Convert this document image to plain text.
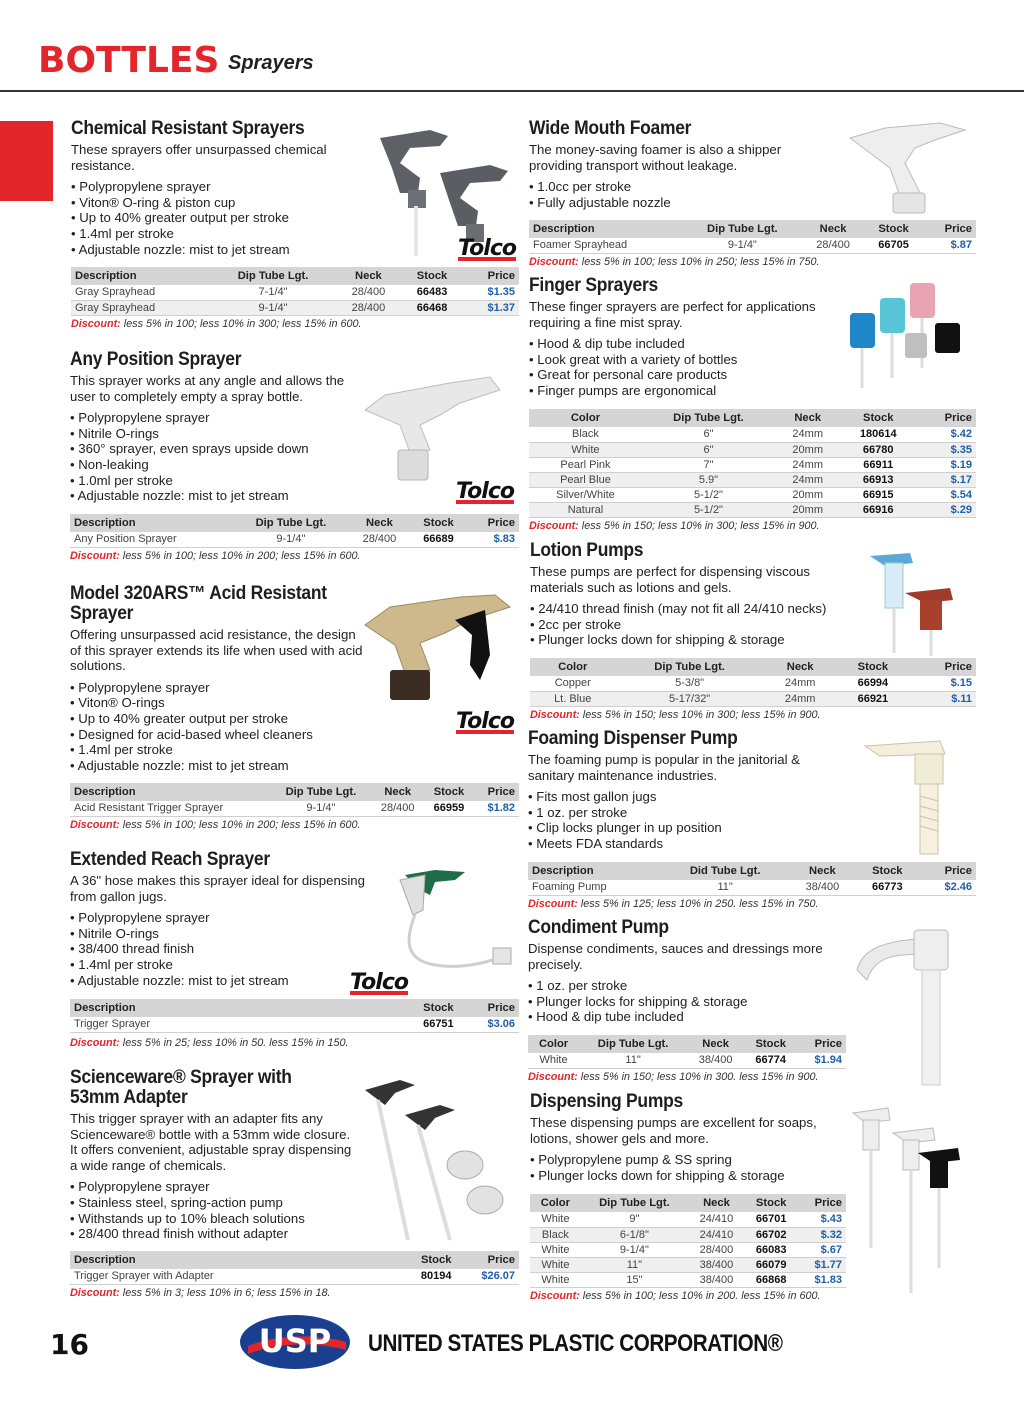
BOTTLES Sprayers
Chemical Resistant Sprayers

These sprayers offer unsurpassed chemical resistance.

• Polypropylene sprayer
• Viton® O-ring & piston cup
• Up to 40% greater output per stroke
• 1.4ml per stroke
• Adjustable nozzle: mist to jet stream	Tolco
Description	Dip Tube Lgt.	Neck	Stock	Price
Gray Sprayhead	7-1/4"	28/400	66483	$1.35
Gray Sprayhead	9-1/4"	28/400	66468	$1.37
Discount: less 5% in 100; less 10% in 300; less 15% in 600.
Any Position Sprayer

This sprayer works at any angle and allows the user to completely empty a spray bottle.

• Polypropylene sprayer
• Nitrile O-rings
• 360° sprayer, even sprays upside down
• Non-leaking
• 1.0ml per stroke
• Adjustable nozzle: mist to jet stream	Tolco
Description	Dip Tube Lgt.	Neck	Stock	Price
Any Position Sprayer	9-1/4"	28/400	66689	$.83
Discount: less 5% in 100; less 10% in 200; less 15% in 600.
Model 320ARS™ Acid Resistant Sprayer

Offering unsurpassed acid resistance, the design of this sprayer extends its life when used with acid solutions.

• Polypropylene sprayer
• Viton® O-rings
• Up to 40% greater output per stroke
• Designed for acid-based wheel cleaners
• 1.4ml per stroke
• Adjustable nozzle: mist to jet stream
Tolco
Description	Dip Tube Lgt.	Neck	Stock	Price
Acid Resistant Trigger Sprayer	9-1/4"	28/400	66959	$1.82
Discount: less 5% in 100; less 10% in 200; less 15% in 600.
Extended Reach Sprayer

A 36" hose makes this sprayer ideal for dispensing from gallon jugs.

• Polypropylene sprayer
• Nitrile O-rings
• 38/400 thread finish
• 1.4ml per stroke
• Adjustable nozzle: mist to jet stream	Tolco
Description	Stock	Price
Trigger Sprayer	66751	$3.06
Discount: less 5% in 25; less 10% in 50. less 15% in 150.
Scienceware® Sprayer with 53mm Adapter

This trigger sprayer with an adapter fits any Scienceware® bottle with a 53mm wide closure. It offers convenient, adjustable spray dispensing a wide range of chemicals.

• Polypropylene sprayer
• Stainless steel, spring-action pump
• Withstands up to 10% bleach solutions
• 28/400 thread finish without adapter
Description	Stock	Price
Trigger Sprayer with Adapter	80194	$26.07
Discount: less 5% in 3; less 10% in 6; less 15% in 18.
Wide Mouth Foamer

The money-saving foamer is also a shipper providing transport without leakage.

• 1.0cc per stroke
• Fully adjustable nozzle
Description	Dip Tube Lgt.	Neck	Stock	Price
Foamer Sprayhead	9-1/4"	28/400	66705	$.87
Discount: less 5% in 100; less 10% in 250; less 15% in 750.
Finger Sprayers

These finger sprayers are perfect for applications requiring a fine mist spray.

• Hood & dip tube included
• Look great with a variety of bottles
• Great for personal care products
• Finger pumps are ergonomical
Color	Dip Tube Lgt.	Neck	Stock	Price
Black	6"	24mm	180614	$.42
White	6"	20mm	66780	$.35
Pearl Pink	7"	24mm	66911	$.19
Pearl Blue	5.9"	24mm	66913	$.17
Silver/White	5-1/2"	20mm	66915	$.54
Natural	5-1/2"	20mm	66916	$.29
Discount: less 5% in 150; less 10% in 300; less 15% in 900.
Lotion Pumps

These pumps are perfect for dispensing viscous materials such as lotions and gels.

• 24/410 thread finish (may not fit all 24/410 necks)
• 2cc per stroke
• Plunger locks down for shipping & storage
Color	Dip Tube Lgt.	Neck	Stock	Price
Copper	5-3/8"	24mm	66994	$.15
Lt. Blue	5-17/32"	24mm	66921	$.11
Discount: less 5% in 150; less 10% in 300; less 15% in 900.
Foaming Dispenser Pump

The foaming pump is popular in the janitorial & sanitary maintenance industries.

• Fits most gallon jugs
• 1 oz. per stroke
• Clip locks plunger in up position
• Meets FDA standards
Description	Did Tube Lgt.	Neck	Stock	Price
Foaming Pump	11"	38/400	66773	$2.46
Discount: less 5% in 125; less 10% in 250. less 15% in 750.
Condiment Pump

Dispense condiments, sauces and dressings more precisely.

• 1 oz. per stroke
• Plunger locks for shipping & storage
• Hood & dip tube included
Color	Dip Tube Lgt.	Neck	Stock	Price
White	11"	38/400	66774	$1.94
Discount: less 5% in 150; less 10% in 300. less 15% in 900.
Dispensing Pumps

These dispensing pumps are excellent for soaps, lotions, shower gels and more.

• Polypropylene pump & SS spring
• Plunger locks down for shipping & storage
Color	Dip Tube Lgt.	Neck	Stock	Price
White	9"	24/410	66701	$.43
Black	6-1/8"	24/410	66702	$.32
White	9-1/4"	28/400	66083	$.67
White	11"	38/400	66079	$1.77
White	15"	38/400	66868	$1.83
Discount: less 5% in 100; less 10% in 200. less 15% in 600.
16	USP UNITED STATES PLASTIC CORPORATION®
